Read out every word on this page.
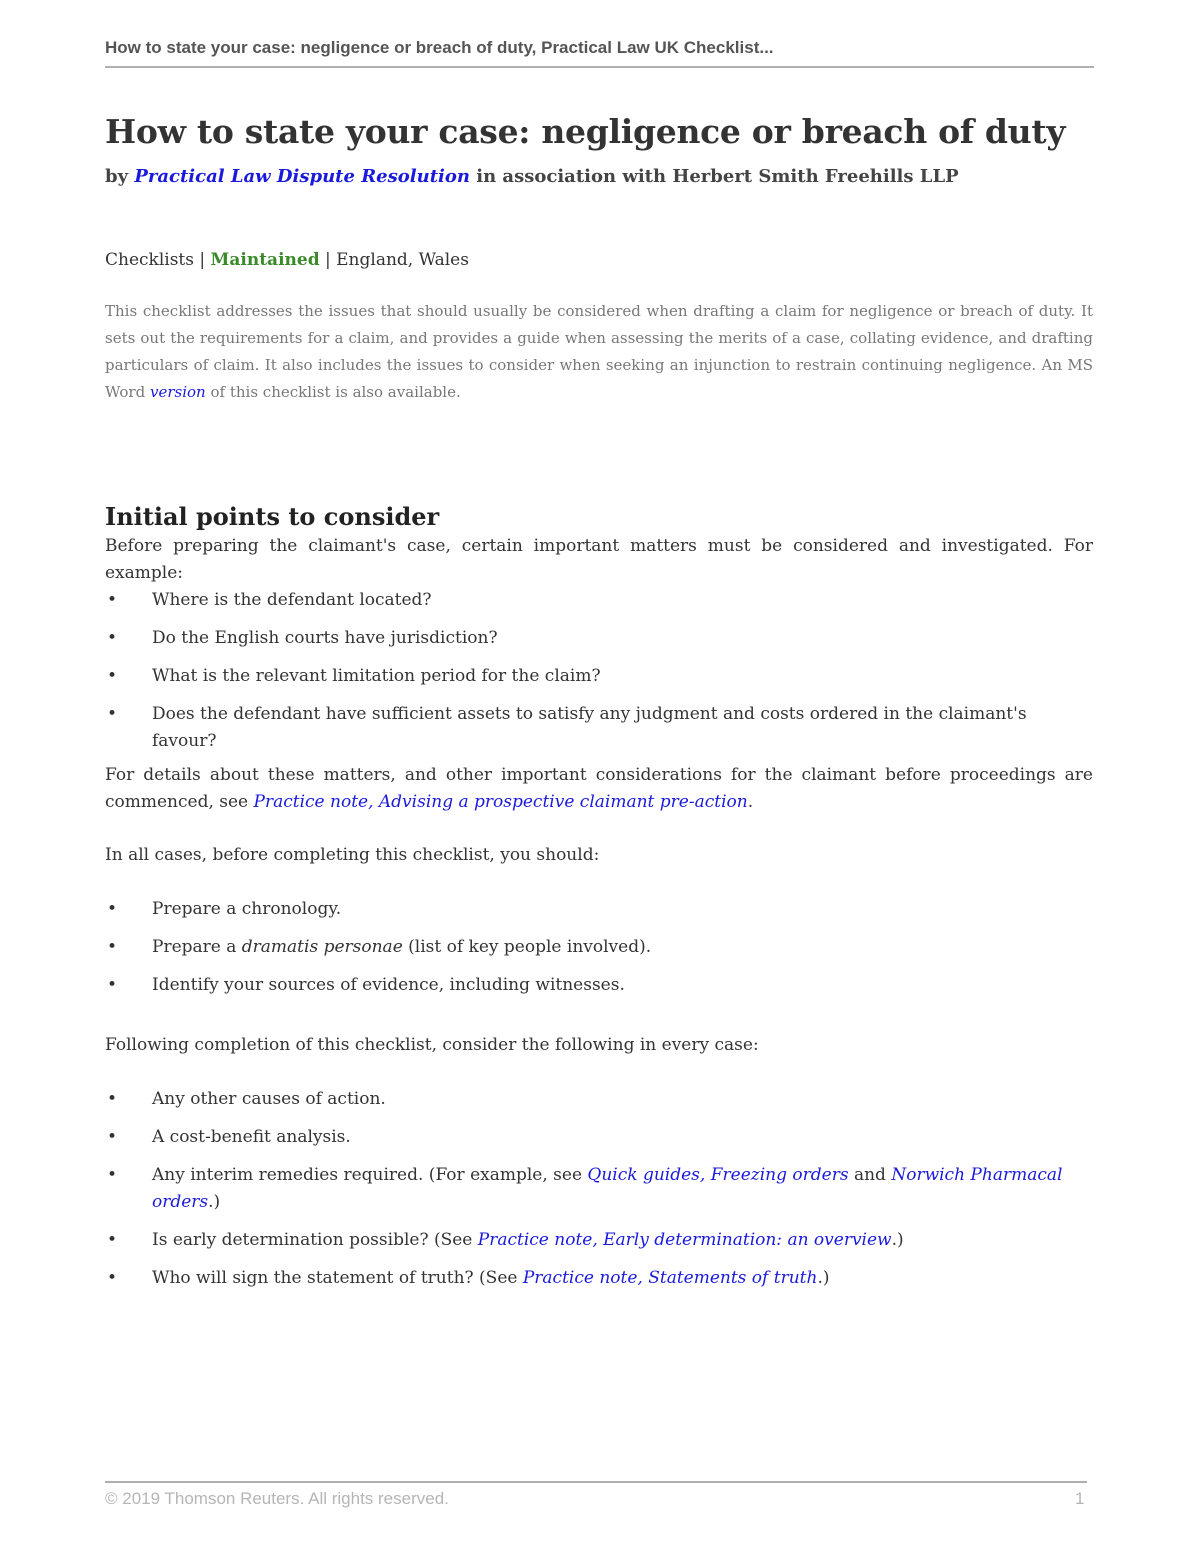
How to state your case: negligence or breach of duty, Practical Law UK Checklist...
How to state your case: negligence or breach of duty
by Practical Law Dispute Resolution in association with Herbert Smith Freehills LLP
Checklists | Maintained | England, Wales
This checklist addresses the issues that should usually be considered when drafting a claim for negligence or breach of duty. It sets out the requirements for a claim, and provides a guide when assessing the merits of a case, collating evidence, and drafting particulars of claim. It also includes the issues to consider when seeking an injunction to restrain continuing negligence. An MS Word version of this checklist is also available.
Initial points to consider
Before preparing the claimant's case, certain important matters must be considered and investigated. For example:
• Where is the defendant located?
• Do the English courts have jurisdiction?
• What is the relevant limitation period for the claim?
• Does the defendant have sufficient assets to satisfy any judgment and costs ordered in the claimant's favour?
For details about these matters, and other important considerations for the claimant before proceedings are commenced, see Practice note, Advising a prospective claimant pre-action.
In all cases, before completing this checklist, you should:
• Prepare a chronology.
• Prepare a dramatis personae (list of key people involved).
• Identify your sources of evidence, including witnesses.
Following completion of this checklist, consider the following in every case:
• Any other causes of action.
• A cost-benefit analysis.
• Any interim remedies required. (For example, see Quick guides, Freezing orders and Norwich Pharmacal orders.)
• Is early determination possible? (See Practice note, Early determination: an overview.)
• Who will sign the statement of truth? (See Practice note, Statements of truth.)
© 2019 Thomson Reuters. All rights reserved.	1
